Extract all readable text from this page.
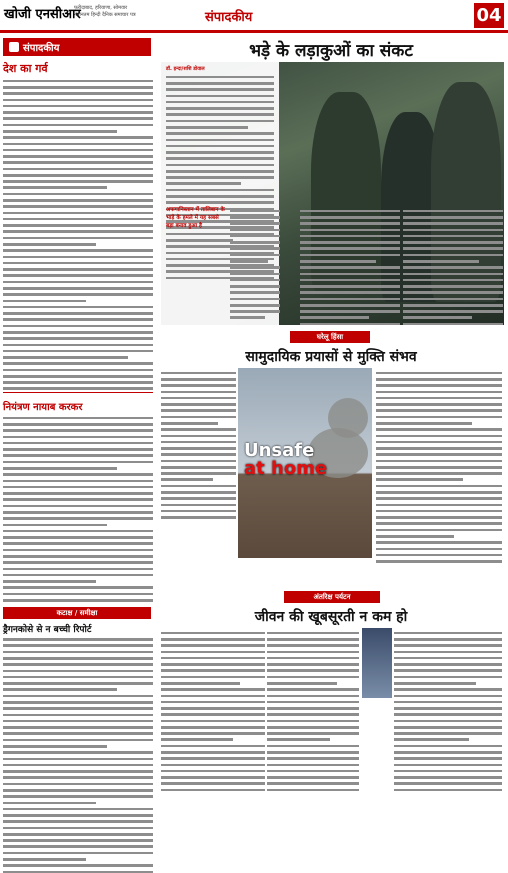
खोजी एनसीआर
फरीदाबाद, हरियाणा, सोमवार
नवीनतम हिन्दी दैनिक समाचार पत्र	संपादकीय	04
संपादकीय
देश का गर्व
नियंत्रण नायाब करकर
कटाक्ष / समीक्षा
ड्रैगनकोसे से न बच्ची रिपोर्ट
भड़े के लड़ाकुओं का संकट
डॉ. इन्दा/शशि डोवाल
अफगानिस्तान में तालिबान के भाड़े के हमले में यह सबसे बड़ा बनाव हुआ है
घरेलू हिंसा
सामुदायिक प्रयासों से मुक्ति संभव
Unsafe
at home
अंतरिक्ष पर्यटन
जीवन की खूबसूरती न कम हो
